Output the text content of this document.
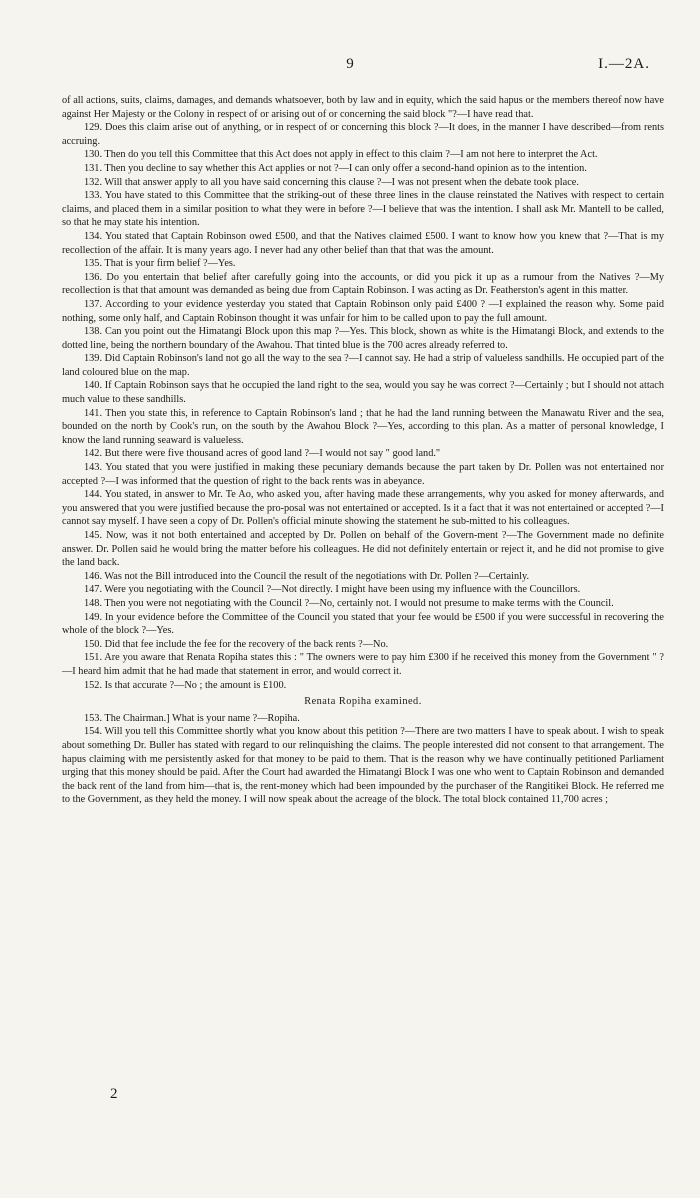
9	I.—2A.

of all actions, suits, claims, damages, and demands whatsoever, both by law and in equity, which the said hapus or the members thereof now have against Her Majesty or the Colony in respect of or arising out of or concerning the said block "?—I have read that.

129. Does this claim arise out of anything, or in respect of or concerning this block ?—It does, in the manner I have described—from rents accruing.

130. Then do you tell this Committee that this Act does not apply in effect to this claim ?—I am not here to interpret the Act.

131. Then you decline to say whether this Act applies or not ?—I can only offer a second-hand opinion as to the intention.

132. Will that answer apply to all you have said concerning this clause ?—I was not present when the debate took place.

133. You have stated to this Committee that the striking-out of these three lines in the clause reinstated the Natives with respect to certain claims, and placed them in a similar position to what they were in before ?—I believe that was the intention. I shall ask Mr. Mantell to be called, so that he may state his intention.

134. You stated that Captain Robinson owed £500, and that the Natives claimed £500. I want to know how you knew that ?—That is my recollection of the affair. It is many years ago. I never had any other belief than that that was the amount.

135. That is your firm belief ?—Yes.

136. Do you entertain that belief after carefully going into the accounts, or did you pick it up as a rumour from the Natives ?—My recollection is that that amount was demanded as being due from Captain Robinson. I was acting as Dr. Featherston's agent in this matter.

137. According to your evidence yesterday you stated that Captain Robinson only paid £400 ? —I explained the reason why. Some paid nothing, some only half, and Captain Robinson thought it was unfair for him to be called upon to pay the full amount.

138. Can you point out the Himatangi Block upon this map ?—Yes. This block, shown as white is the Himatangi Block, and extends to the dotted line, being the northern boundary of the Awahou. That tinted blue is the 700 acres already referred to.

139. Did Captain Robinson's land not go all the way to the sea ?—I cannot say. He had a strip of valueless sandhills. He occupied part of the land coloured blue on the map.

140. If Captain Robinson says that he occupied the land right to the sea, would you say he was correct ?—Certainly ; but I should not attach much value to these sandhills.

141. Then you state this, in reference to Captain Robinson's land ; that he had the land running between the Manawatu River and the sea, bounded on the north by Cook's run, on the south by the Awahou Block ?—Yes, according to this plan. As a matter of personal knowledge, I know the land running seaward is valueless.

142. But there were five thousand acres of good land ?—I would not say " good land."

143. You stated that you were justified in making these pecuniary demands because the part taken by Dr. Pollen was not entertained nor accepted ?—I was informed that the question of right to the back rents was in abeyance.

144. You stated, in answer to Mr. Te Ao, who asked you, after having made these arrangements, why you asked for money afterwards, and you answered that you were justified because the pro-posal was not entertained or accepted. Is it a fact that it was not entertained or accepted ?—I cannot say myself. I have seen a copy of Dr. Pollen's official minute showing the statement he sub-mitted to his colleagues.

145. Now, was it not both entertained and accepted by Dr. Pollen on behalf of the Govern-ment ?—The Government made no definite answer. Dr. Pollen said he would bring the matter before his colleagues. He did not definitely entertain or reject it, and he did not promise to give the land back.

146. Was not the Bill introduced into the Council the result of the negotiations with Dr. Pollen ?—Certainly.

147. Were you negotiating with the Council ?—Not directly. I might have been using my influence with the Councillors.

148. Then you were not negotiating with the Council ?—No, certainly not. I would not presume to make terms with the Council.

149. In your evidence before the Committee of the Council you stated that your fee would be £500 if you were successful in recovering the whole of the block ?—Yes.

150. Did that fee include the fee for the recovery of the back rents ?—No.

151. Are you aware that Renata Ropiha states this : " The owners were to pay him £300 if he received this money from the Government " ?—I heard him admit that he had made that statement in error, and would correct it.

152. Is that accurate ?—No ; the amount is £100.

Renata Ropiha examined.

153. The Chairman.] What is your name ?—Ropiha.

154. Will you tell this Committee shortly what you know about this petition ?—There are two matters I have to speak about. I wish to speak about something Dr. Buller has stated with regard to our relinquishing the claims. The people interested did not consent to that arrangement. The hapus claiming with me persistently asked for that money to be paid to them. That is the reason why we have continually petitioned Parliament urging that this money should be paid. After the Court had awarded the Himatangi Block I was one who went to Captain Robinson and demanded the back rent of the land from him—that is, the rent-money which had been impounded by the purchaser of the Rangitikei Block. He referred me to the Government, as they held the money. I will now speak about the acreage of the block. The total block contained 11,700 acres ;

2
